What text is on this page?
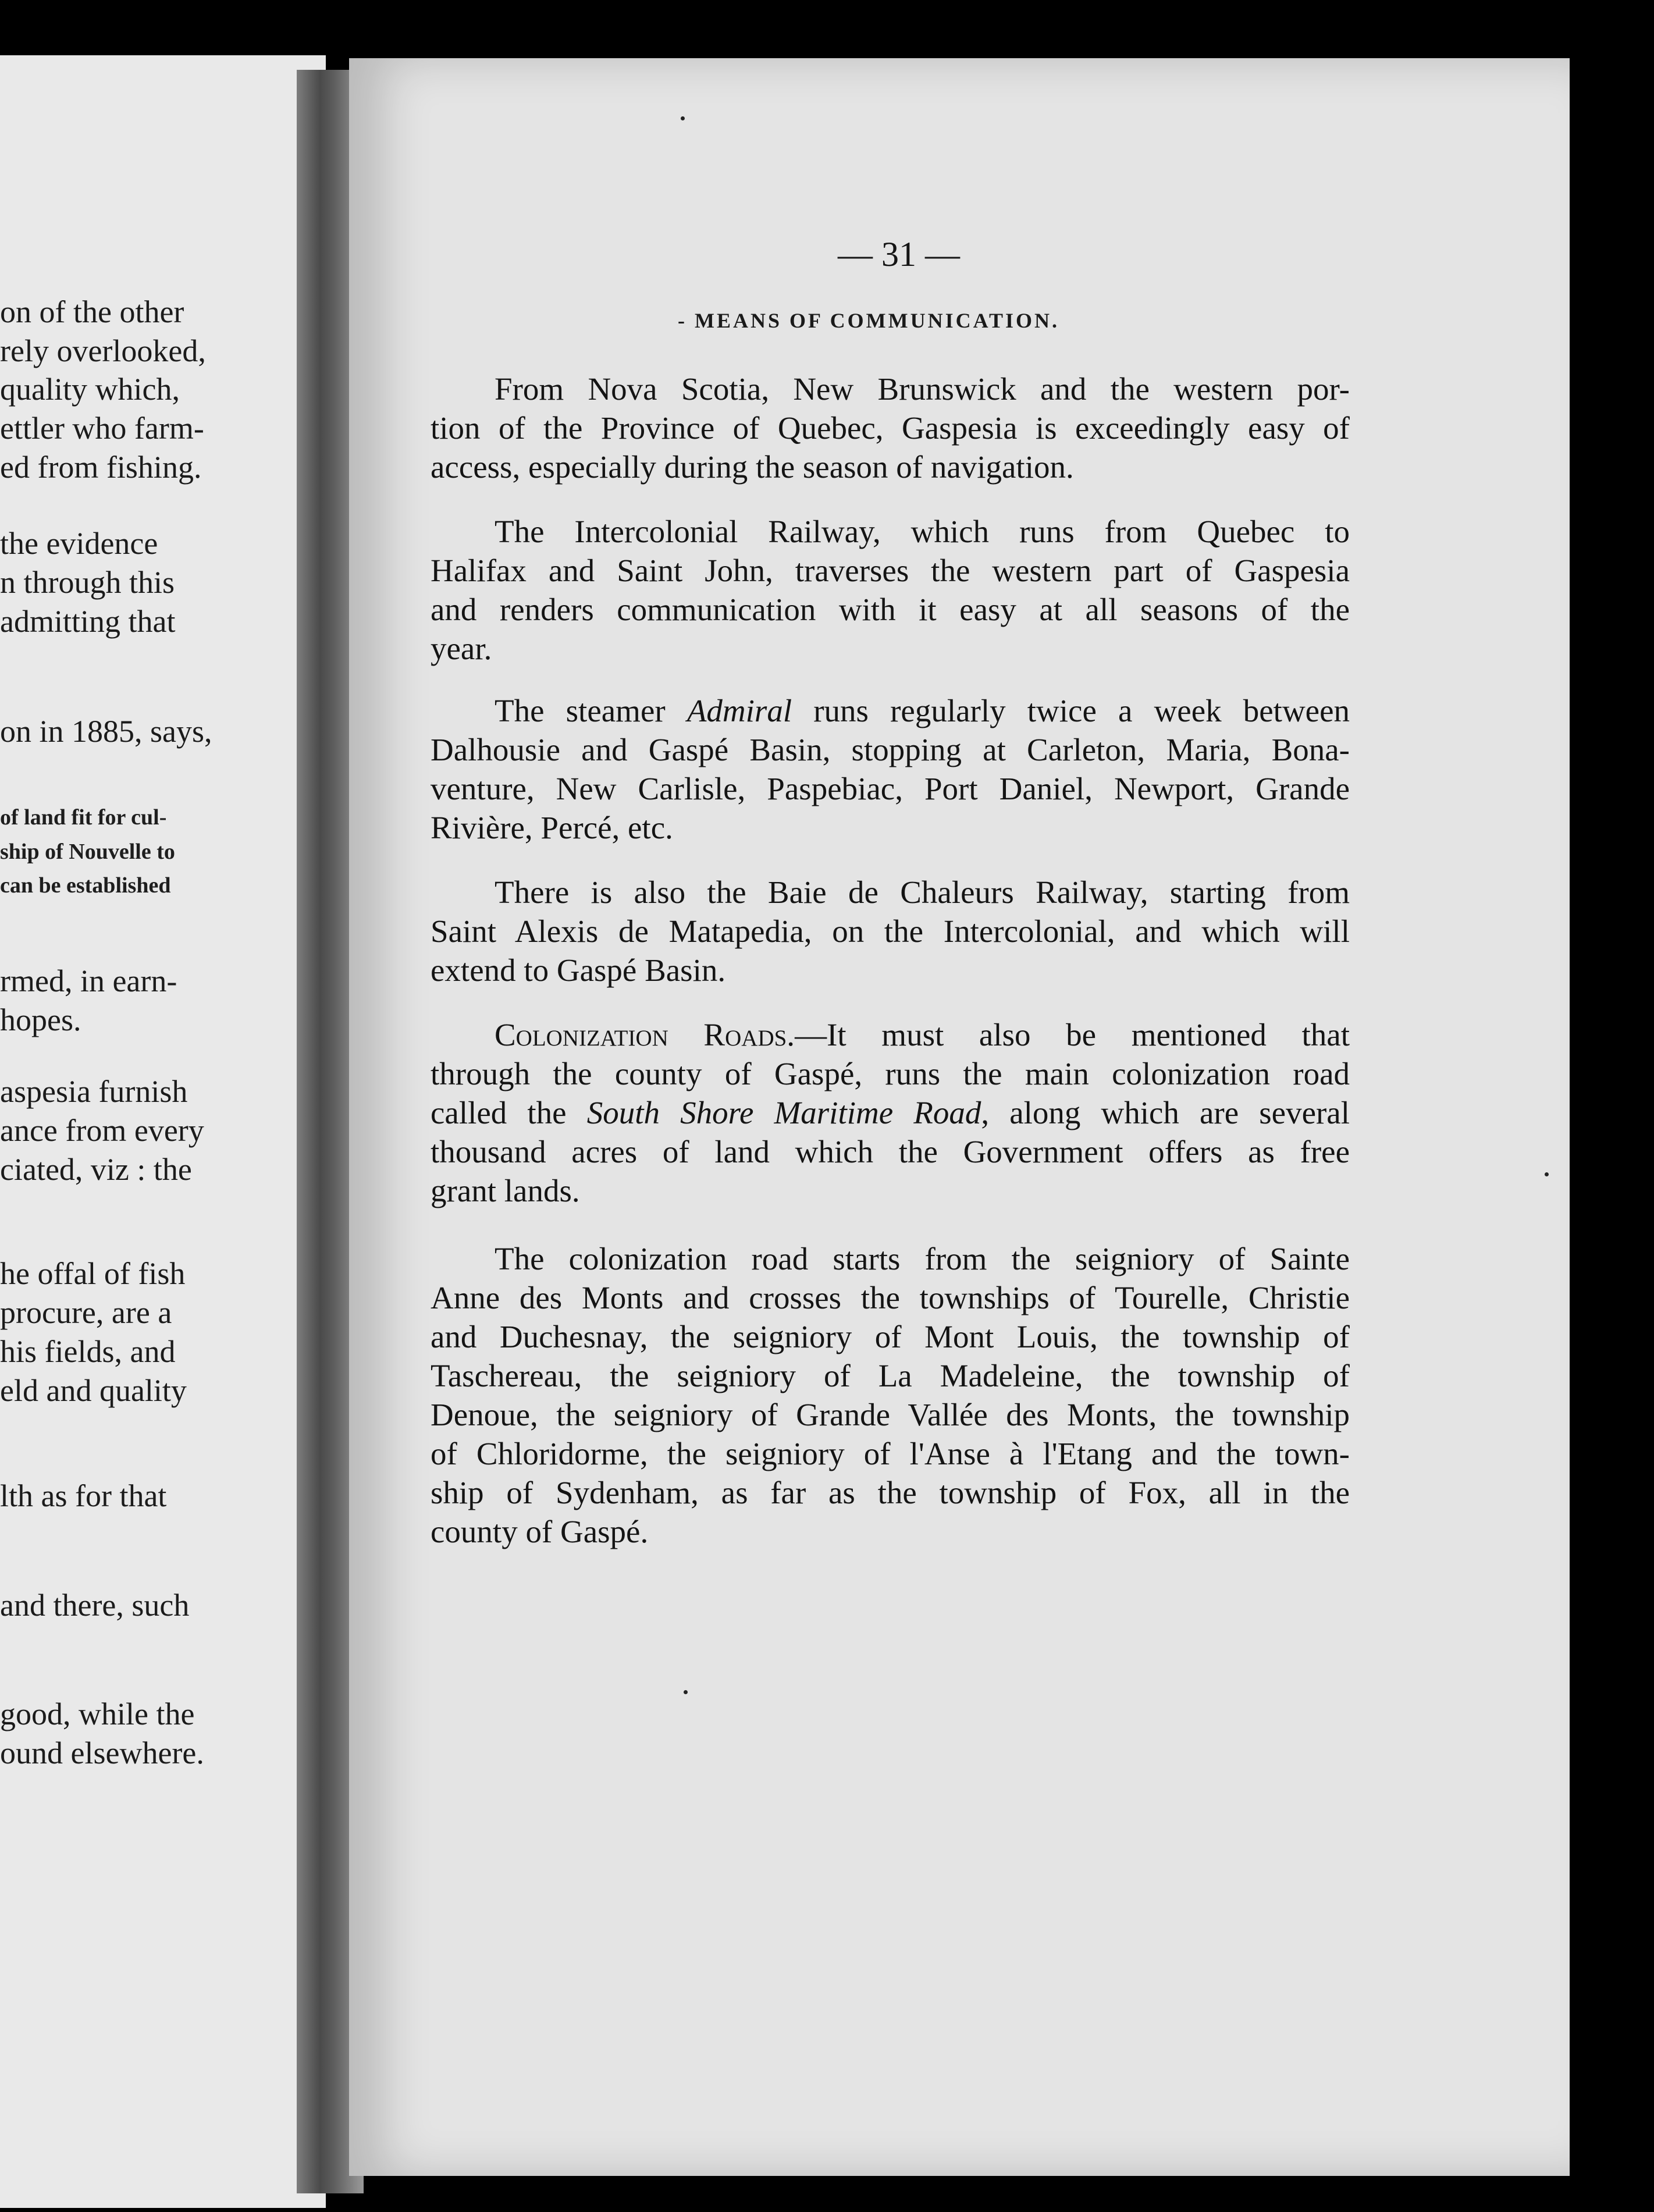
on of the other
rely overlooked,
quality which,
ettler who farm-
ed from fishing.
the evidence
n through this
admitting that
on in 1885, says,
rmed, in earn-
hopes.
aspesia furnish
ance from every
ciated, viz : the
he offal of fish
procure, are a
his fields, and
eld and quality
lth as for that
and there, such
good, while the
ound elsewhere.
of land fit for cul-
ship of Nouvelle to
can be established
— 31 —
- MEANS OF COMMUNICATION.
From Nova Scotia, New Brunswick and the western por-
tion of the Province of Quebec, Gaspesia is exceedingly easy of
access, especially during the season of navigation.
The Intercolonial Railway, which runs from Quebec to
Halifax and Saint John, traverses the western part of Gaspesia
and renders communication with it easy at all seasons of the
year.
The steamer Admiral runs regularly twice a week between
Dalhousie and Gaspé Basin, stopping at Carleton, Maria, Bona-
venture, New Carlisle, Paspebiac, Port Daniel, Newport, Grande
Rivière, Percé, etc.
There is also the Baie de Chaleurs Railway, starting from
Saint Alexis de Matapedia, on the Intercolonial, and which will
extend to Gaspé Basin.
Colonization Roads.—It must also be mentioned that
through the county of Gaspé, runs the main colonization road
called the South Shore Maritime Road, along which are several
thousand acres of land which the Government offers as free
grant lands.
The colonization road starts from the seigniory of Sainte
Anne des Monts and crosses the townships of Tourelle, Christie
and Duchesnay, the seigniory of Mont Louis, the township of
Taschereau, the seigniory of La Madeleine, the township of
Denoue, the seigniory of Grande Vallée des Monts, the township
of Chloridorme, the seigniory of l'Anse à l'Etang and the town-
ship of Sydenham, as far as the township of Fox, all in the
county of Gaspé.
